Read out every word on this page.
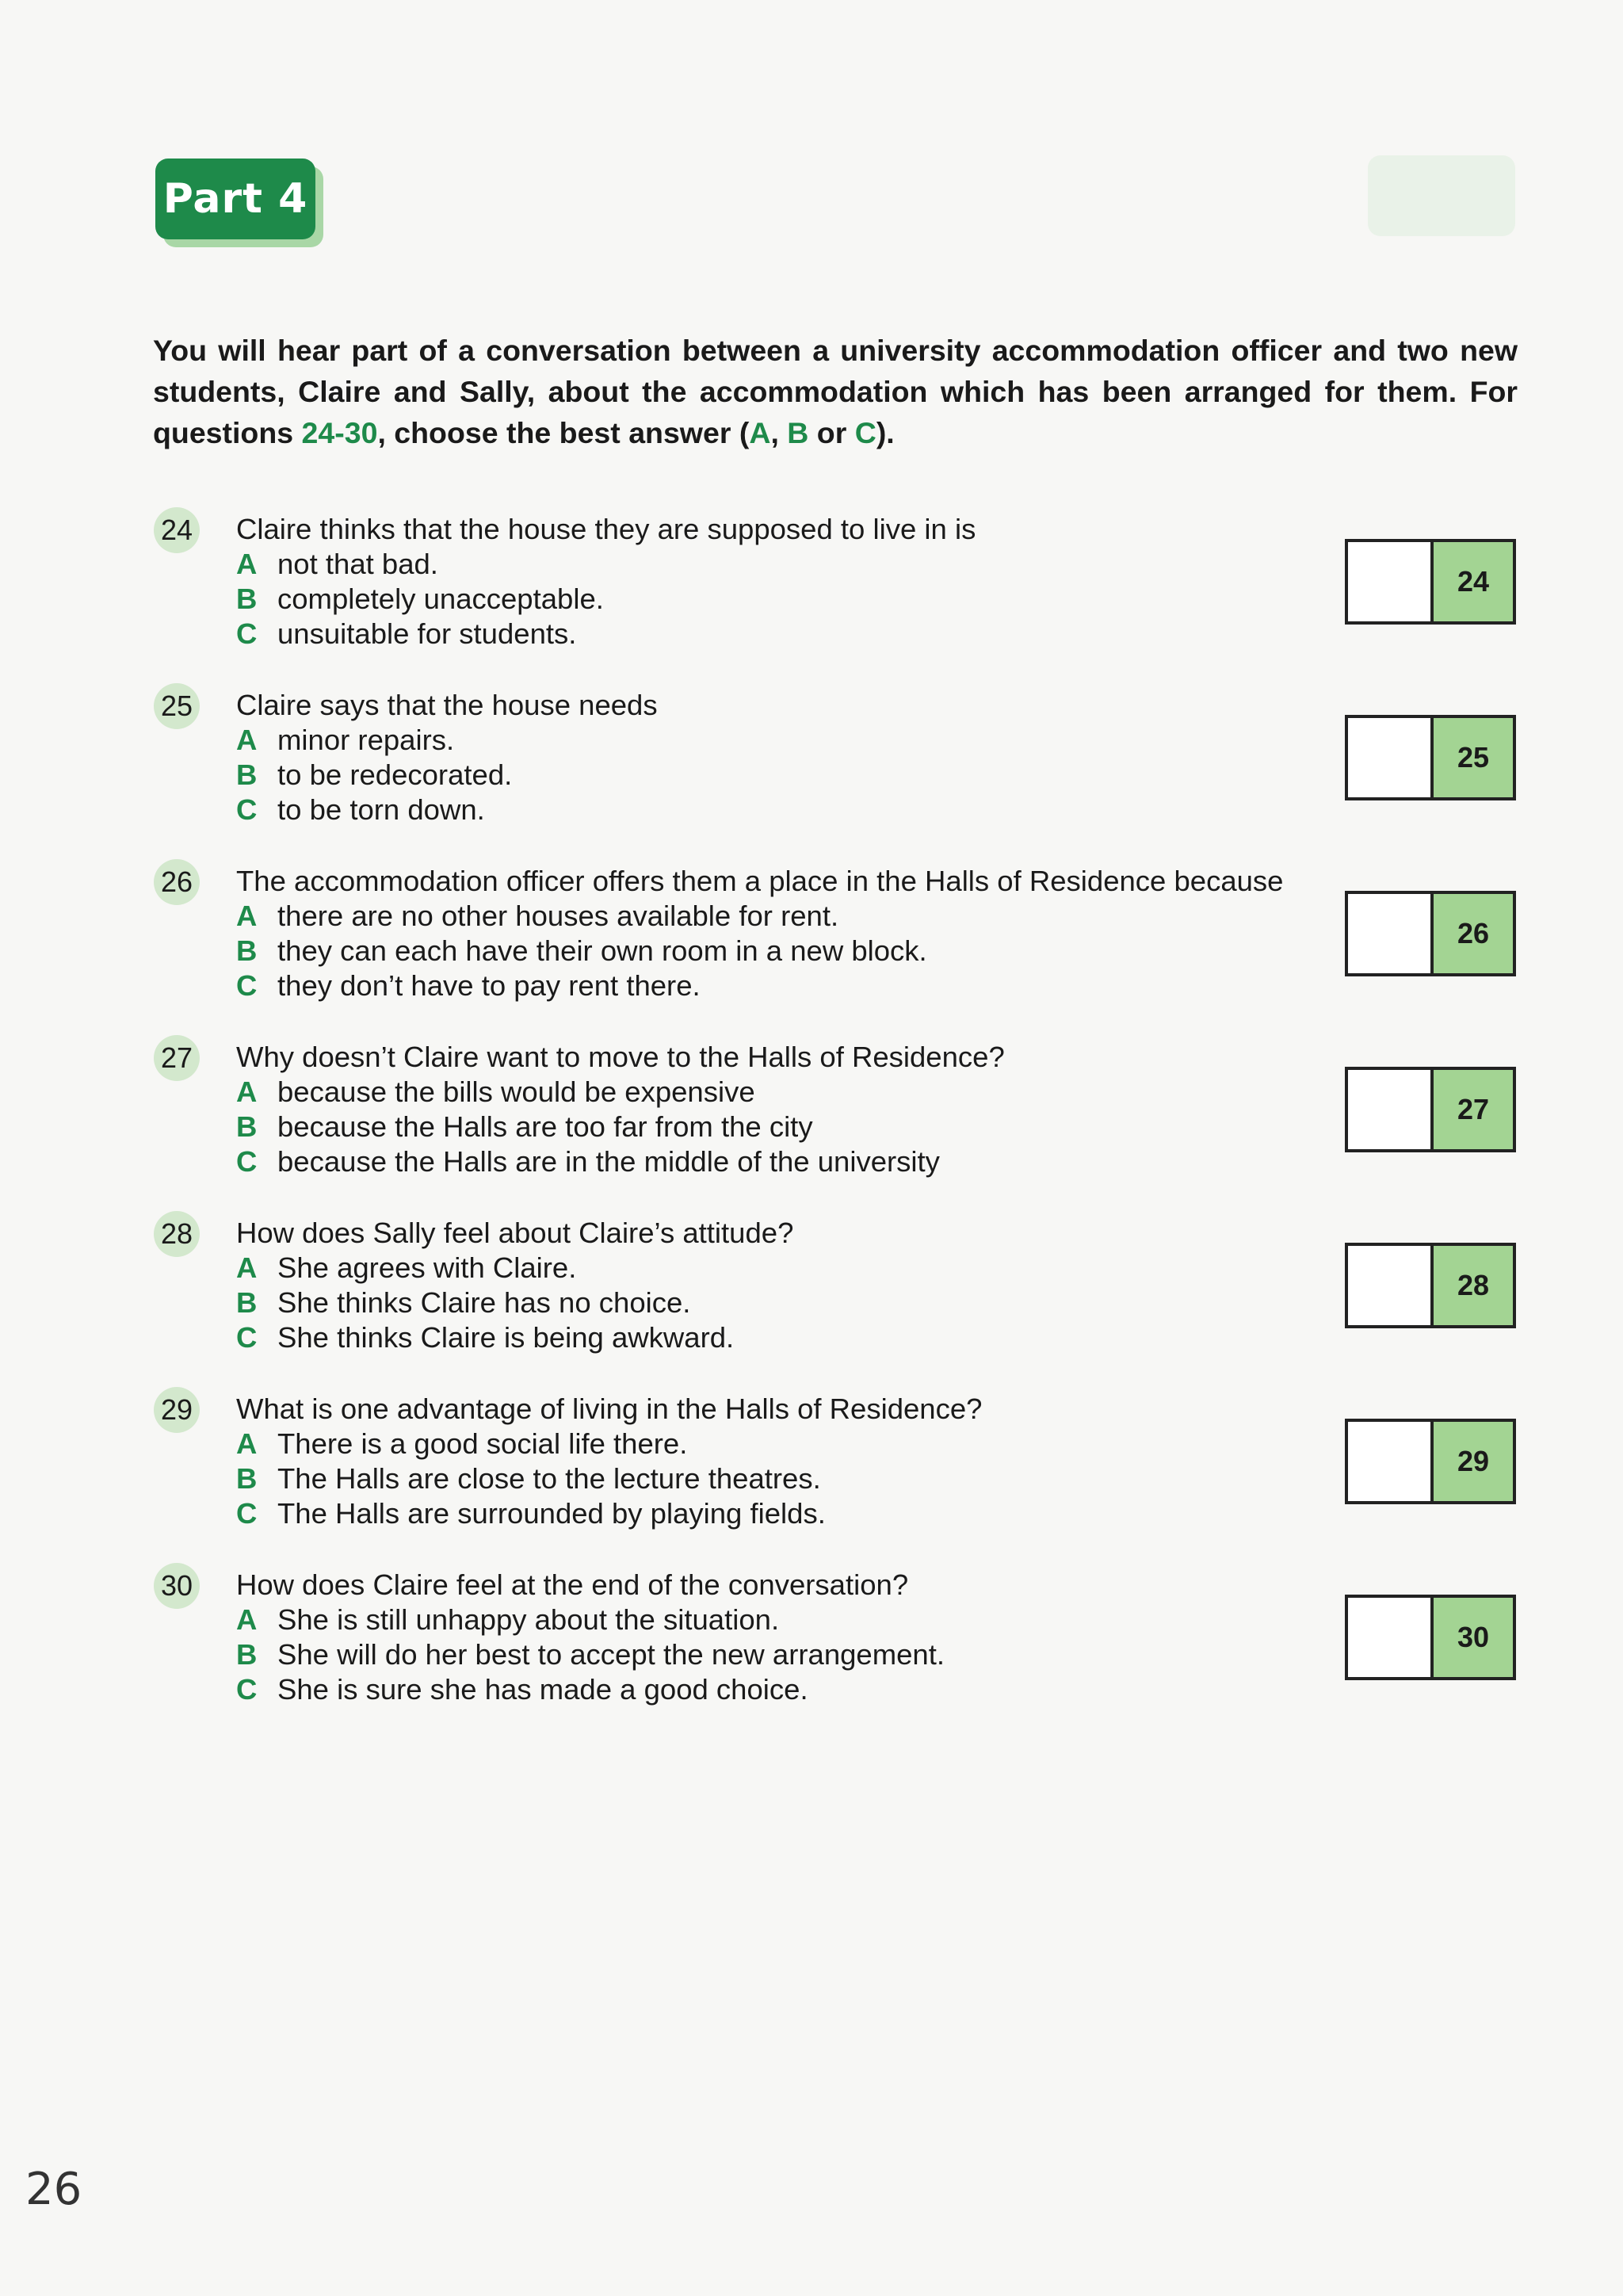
Part 4

You will hear part of a conversation between a university accommodation officer and two new students, Claire and Sally, about the accommodation which has been arranged for them. For questions 24-30, choose the best answer (A, B or C).

24 Claire thinks that the house they are supposed to live in is
A not that bad.
B completely unacceptable.
C unsuitable for students.
24
25 Claire says that the house needs
A minor repairs.
B to be redecorated.
C to be torn down.
25
26 The accommodation officer offers them a place in the Halls of Residence because
A there are no other houses available for rent.
B they can each have their own room in a new block.
C they don’t have to pay rent there.
26
27 Why doesn’t Claire want to move to the Halls of Residence?
A because the bills would be expensive
B because the Halls are too far from the city
C because the Halls are in the middle of the university
27
28 How does Sally feel about Claire’s attitude?
A She agrees with Claire.
B She thinks Claire has no choice.
C She thinks Claire is being awkward.
28
29 What is one advantage of living in the Halls of Residence?
A There is a good social life there.
B The Halls are close to the lecture theatres.
C The Halls are surrounded by playing fields.
29
30 How does Claire feel at the end of the conversation?
A She is still unhappy about the situation.
B She will do her best to accept the new arrangement.
C She is sure she has made a good choice.
30
26
